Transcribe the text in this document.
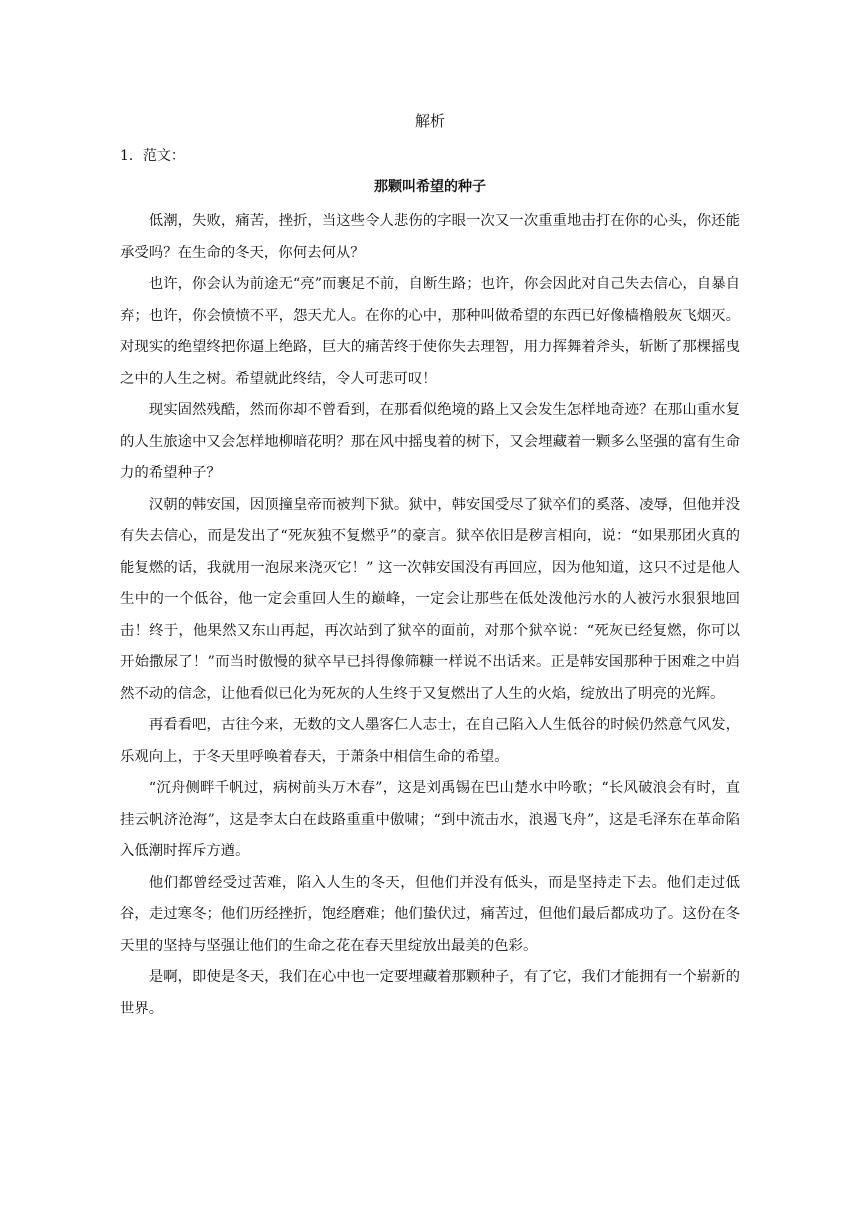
解析
1．范文：
那颗叫希望的种子

低潮，失败，痛苦，挫折，当这些令人悲伤的字眼一次又一次重重地击打在你的心头，你还能承受吗？在生命的冬天，你何去何从？

也许，你会认为前途无“亮”而裹足不前，自断生路；也许，你会因此对自己失去信心，自暴自弃；也许，你会愤愤不平，怨天尤人。在你的心中，那种叫做希望的东西已好像樯橹般灰飞烟灭。对现实的绝望终把你逼上绝路，巨大的痛苦终于使你失去理智，用力挥舞着斧头，斩断了那棵摇曳之中的人生之树。希望就此终结，令人可悲可叹！

现实固然残酷，然而你却不曾看到，在那看似绝境的路上又会发生怎样地奇迹？在那山重水复的人生旅途中又会怎样地柳暗花明？那在风中摇曳着的树下，又会埋藏着一颗多么坚强的富有生命力的希望种子？

汉朝的韩安国，因顶撞皇帝而被判下狱。狱中，韩安国受尽了狱卒们的奚落、凌辱，但他并没有失去信心，而是发出了“死灰独不复燃乎”的豪言。狱卒依旧是秽言相向，说：“如果那团火真的能复燃的话，我就用一泡尿来浇灭它！” 这一次韩安国没有再回应，因为他知道，这只不过是他人生中的一个低谷，他一定会重回人生的巅峰，一定会让那些在低处泼他污水的人被污水狠狠地回击！终于，他果然又东山再起，再次站到了狱卒的面前，对那个狱卒说：“死灰已经复燃，你可以开始撒尿了！”而当时傲慢的狱卒早已抖得像筛糠一样说不出话来。正是韩安国那种于困难之中岿然不动的信念，让他看似已化为死灰的人生终于又复燃出了人生的火焰，绽放出了明亮的光辉。

再看看吧，古往今来，无数的文人墨客仁人志士，在自己陷入人生低谷的时候仍然意气风发，乐观向上，于冬天里呼唤着春天，于萧条中相信生命的希望。

“沉舟侧畔千帆过，病树前头万木春”，这是刘禹锡在巴山楚水中吟歌；“长风破浪会有时，直挂云帆济沧海”，这是李太白在歧路重重中傲啸；“到中流击水，浪遏飞舟”，这是毛泽东在革命陷入低潮时挥斥方遒。

他们都曾经受过苦难，陷入人生的冬天，但他们并没有低头，而是坚持走下去。他们走过低谷，走过寒冬；他们历经挫折，饱经磨难；他们蛰伏过，痛苦过，但他们最后都成功了。这份在冬天里的坚持与坚强让他们的生命之花在春天里绽放出最美的色彩。

是啊，即使是冬天，我们在心中也一定要埋藏着那颗种子，有了它，我们才能拥有一个崭新的世界。
